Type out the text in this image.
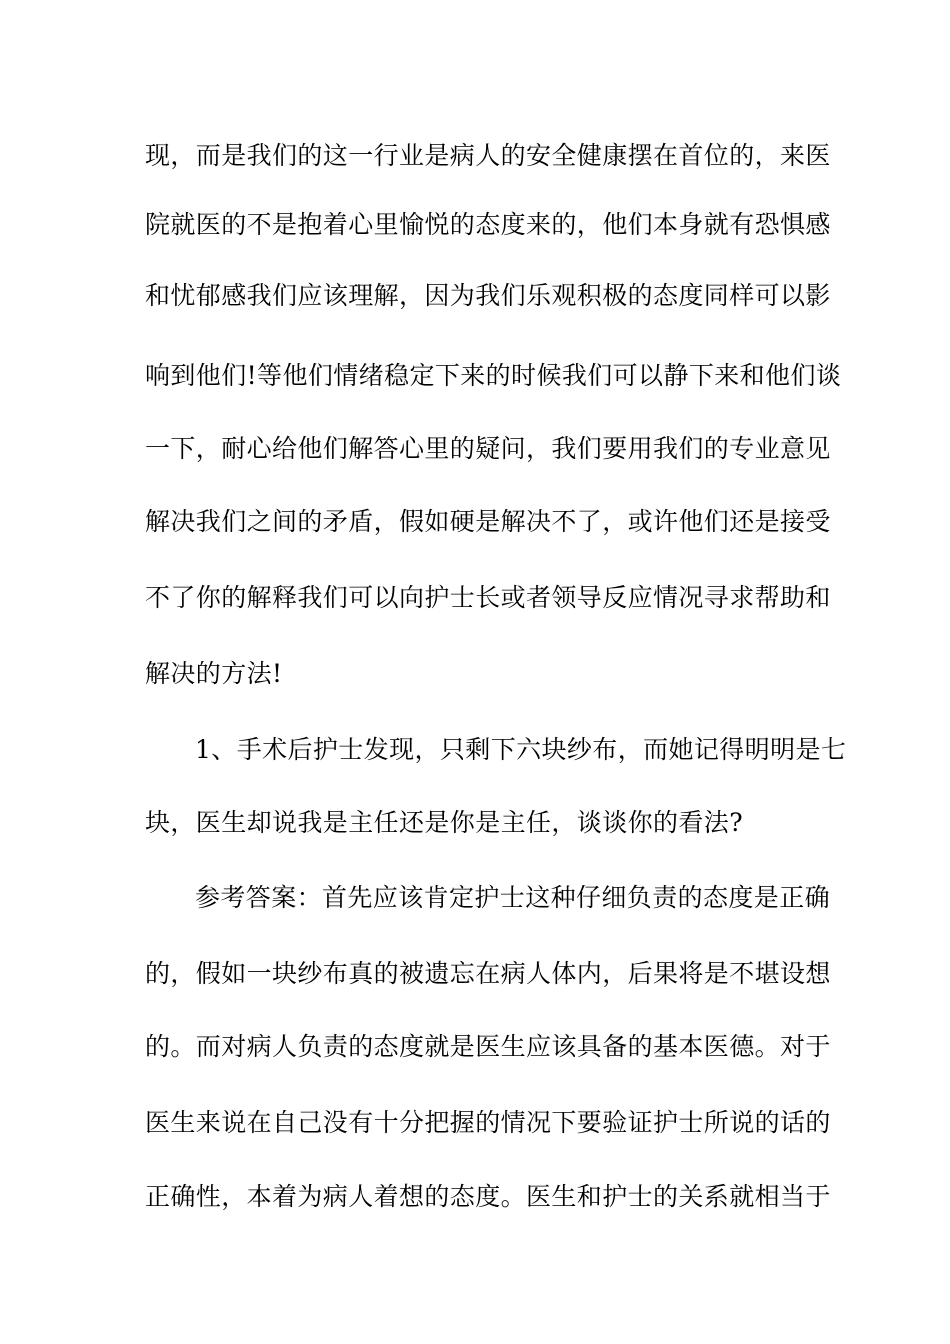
现，而是我们的这一行业是病人的安全健康摆在首位的，来医
院就医的不是抱着心里愉悦的态度来的，他们本身就有恐惧感
和忧郁感我们应该理解，因为我们乐观积极的态度同样可以影
响到他们!等他们情绪稳定下来的时候我们可以静下来和他们谈
一下，耐心给他们解答心里的疑问，我们要用我们的专业意见
解决我们之间的矛盾，假如硬是解决不了，或许他们还是接受
不了你的解释我们可以向护士长或者领导反应情况寻求帮助和
解决的方法!
1、手术后护士发现，只剩下六块纱布，而她记得明明是七
块，医生却说我是主任还是你是主任，谈谈你的看法?
参考答案：首先应该肯定护士这种仔细负责的态度是正确
的，假如一块纱布真的被遗忘在病人体内，后果将是不堪设想
的。而对病人负责的态度就是医生应该具备的基本医德。对于
医生来说在自己没有十分把握的情况下要验证护士所说的话的
正确性，本着为病人着想的态度。医生和护士的关系就相当于
